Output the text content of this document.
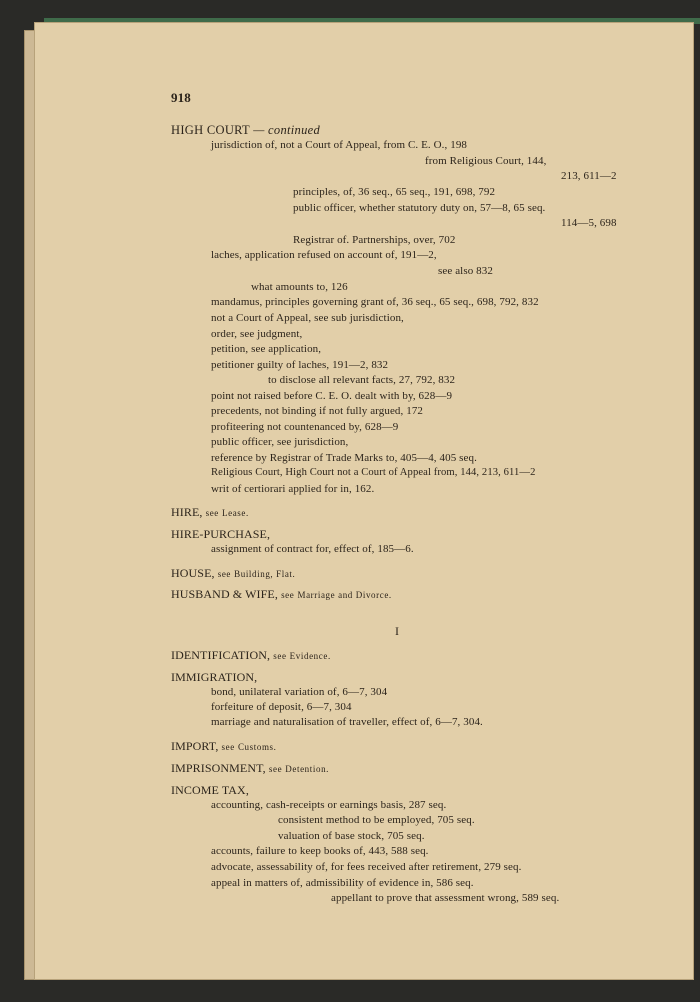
918
HIGH COURT — continued
jurisdiction of, not a Court of Appeal, from C. E. O., 198
from Religious Court, 144,
213, 611—2
principles, of, 36 seq., 65 seq., 191, 698, 792
public officer, whether statutory duty on, 57—8, 65 seq.
114—5, 698
Registrar of. Partnerships, over, 702
laches, application refused on account of, 191—2,
see also 832
what amounts to, 126
mandamus, principles governing grant of, 36 seq., 65 seq., 698, 792, 832
not a Court of Appeal, see sub jurisdiction,
order, see judgment,
petition, see application,
petitioner guilty of laches, 191—2, 832
to disclose all relevant facts, 27, 792, 832
point not raised before C. E. O. dealt with by, 628—9
precedents, not binding if not fully argued, 172
profiteering not countenanced by, 628—9
public officer, see jurisdiction,
reference by Registrar of Trade Marks to, 405—4, 405 seq.
Religious Court, High Court not a Court of Appeal from, 144, 213, 611—2
writ of certiorari applied for in, 162.
HIRE, see Lease.
HIRE-PURCHASE,
assignment of contract for, effect of, 185—6.
HOUSE, see Building, Flat.
HUSBAND & WIFE, see Marriage and Divorce.
I
IDENTIFICATION, see Evidence.
IMMIGRATION,
bond, unilateral variation of, 6—7, 304
forfeiture of deposit, 6—7, 304
marriage and naturalisation of traveller, effect of, 6—7, 304.
IMPORT, see Customs.
IMPRISONMENT, see Detention.
INCOME TAX,
accounting, cash-receipts or earnings basis, 287 seq.
consistent method to be employed, 705 seq.
valuation of base stock, 705 seq.
accounts, failure to keep books of, 443, 588 seq.
advocate, assessability of, for fees received after retirement, 279 seq.
appeal in matters of, admissibility of evidence in, 586 seq.
appellant to prove that assessment wrong, 589 seq.
